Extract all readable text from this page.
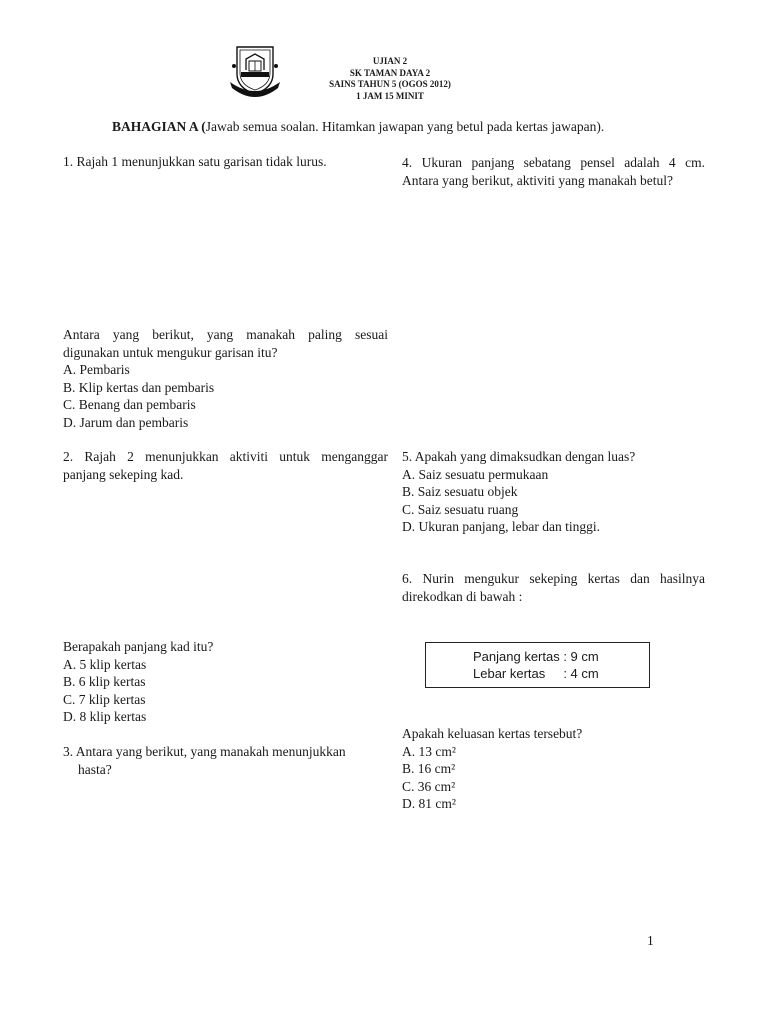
UJIAN 2
SK TAMAN DAYA 2
SAINS TAHUN 5 (OGOS 2012)
1 JAM 15 MINIT
BAHAGIAN A (Jawab semua soalan. Hitamkan jawapan yang betul pada kertas jawapan).
1. Rajah 1 menunjukkan satu garisan tidak lurus.
Antara yang berikut, yang manakah paling sesuai
digunakan untuk mengukur garisan itu?
A. Pembaris
B. Klip kertas dan pembaris
C. Benang dan pembaris
D. Jarum dan pembaris
2. Rajah 2 menunjukkan aktiviti untuk menganggar
panjang sekeping kad.
Berapakah panjang kad itu?
A. 5 klip kertas
B. 6 klip kertas
C. 7 klip kertas
D. 8 klip kertas
3. Antara yang berikut, yang manakah menunjukkan
hasta?
4. Ukuran panjang sebatang pensel adalah 4 cm.
Antara yang berikut, aktiviti yang manakah betul?
5. Apakah yang dimaksudkan dengan luas?
A. Saiz sesuatu permukaan
B. Saiz sesuatu objek
C. Saiz sesuatu ruang
D. Ukuran panjang, lebar dan tinggi.
6. Nurin mengukur sekeping kertas dan hasilnya
direkodkan di bawah :
Panjang kertas : 9 cm
Lebar kertas     : 4 cm
Apakah keluasan kertas tersebut?
A. 13 cm²
B. 16 cm²
C. 36 cm²
D. 81 cm²
1
